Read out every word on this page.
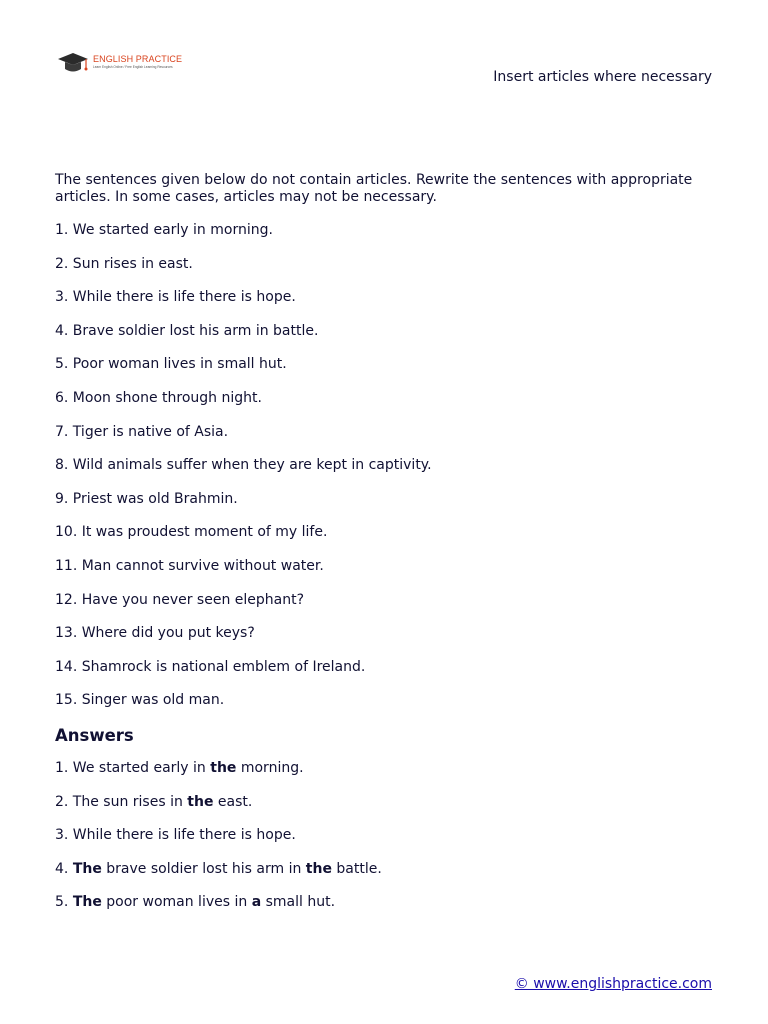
ENGLISH PRACTICE
Learn English Online / Free English Learning Resources
Insert articles where necessary

The sentences given below do not contain articles. Rewrite the sentences with appropriate articles. In some cases, articles may not be necessary.

1. We started early in morning.

2. Sun rises in east.

3. While there is life there is hope.

4. Brave soldier lost his arm in battle.

5. Poor woman lives in small hut.

6. Moon shone through night.

7. Tiger is native of Asia.

8. Wild animals suffer when they are kept in captivity.

9. Priest was old Brahmin.

10. It was proudest moment of my life.

11. Man cannot survive without water.

12. Have you never seen elephant?

13. Where did you put keys?

14. Shamrock is national emblem of Ireland.

15. Singer was old man.

Answers

1. We started early in the morning.

2. The sun rises in the east.

3. While there is life there is hope.

4. The brave soldier lost his arm in the battle.

5. The poor woman lives in a small hut.

© www.englishpractice.com
